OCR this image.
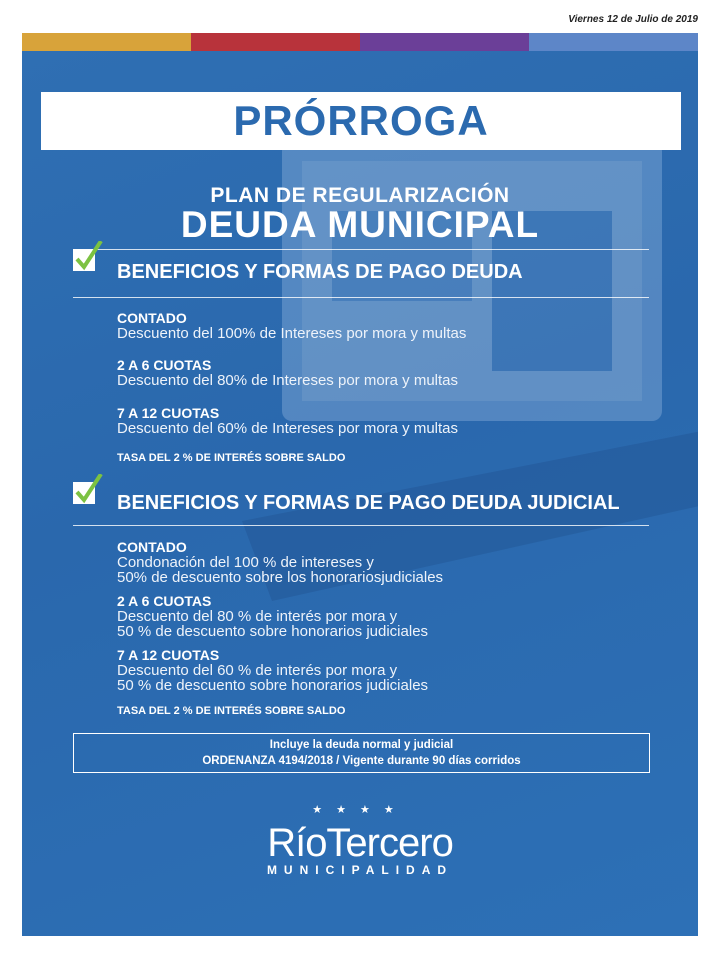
Viernes 12 de Julio de 2019
PRÓRROGA
PLAN DE REGULARIZACIÓN
DEUDA MUNICIPAL
BENEFICIOS Y FORMAS DE PAGO DEUDA
CONTADO
Descuento del 100% de Intereses por mora y multas
2 A 6 CUOTAS
Descuento del 80% de Intereses por mora y multas
7 A 12 CUOTAS
Descuento del 60% de Intereses por mora y multas
TASA DEL 2 % DE INTERÉS SOBRE SALDO
BENEFICIOS Y FORMAS DE PAGO DEUDA JUDICIAL
CONTADO
Condonación del 100 % de intereses y
50% de descuento sobre los honorariosjudiciales
2 A 6 CUOTAS
Descuento del 80 % de interés por mora y
50 % de descuento sobre honorarios judiciales
7 A 12 CUOTAS
Descuento del 60 % de interés por mora y
50 % de descuento sobre honorarios judiciales
TASA DEL 2 % DE INTERÉS SOBRE SALDO
Incluye la deuda normal y judicial
ORDENANZA 4194/2018 / Vigente durante 90 días corridos
★★★★
RíoTercero
MUNICIPALIDAD
